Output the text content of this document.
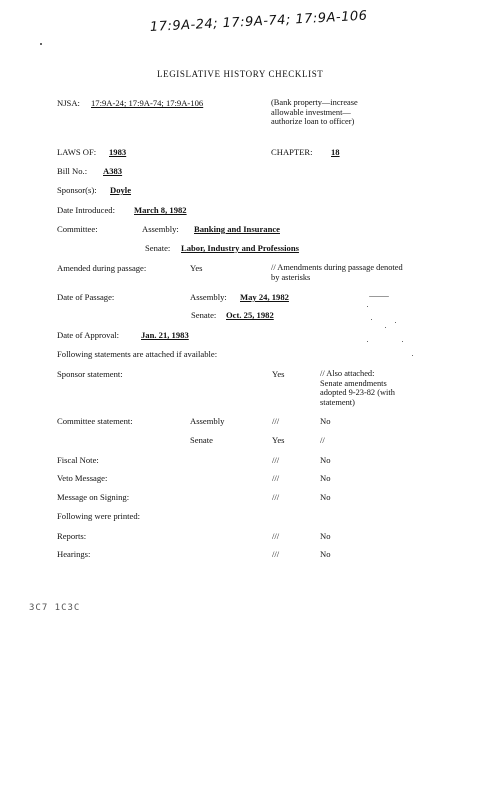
17:9A-24; 17:9A-74; 17:9A-106
LEGISLATIVE HISTORY CHECKLIST
NJSA: 17:9A-24; 17:9A-74; 17:9A-106	(Bank property—increase allowable investment— authorize loan to officer)
LAWS OF: 1983	CHAPTER: 18
Bill No.: A383
Sponsor(s): Doyle
Date Introduced: March 8, 1982
Committee:	Assembly: Banking and Insurance
Senate: Labor, Industry and Professions
Amended during passage:	Yes	// Amendments during passage denoted by asterisks
Date of Passage:	Assembly: May 24, 1982
Senate: Oct. 25, 1982
Date of Approval:	Jan. 21, 1983
Following statements are attached if available:
Sponsor statement:	Yes	// Also attached: Senate amendments adopted 9-23-82 (with statement)
Committee statement:	Assembly	///	No
Senate	Yes	//
Fiscal Note:	///	No
Veto Message:	///	No
Message on Signing:	///	No
Following were printed:
Reports:	///	No
Hearings:	///	No
3C7 1C3C
